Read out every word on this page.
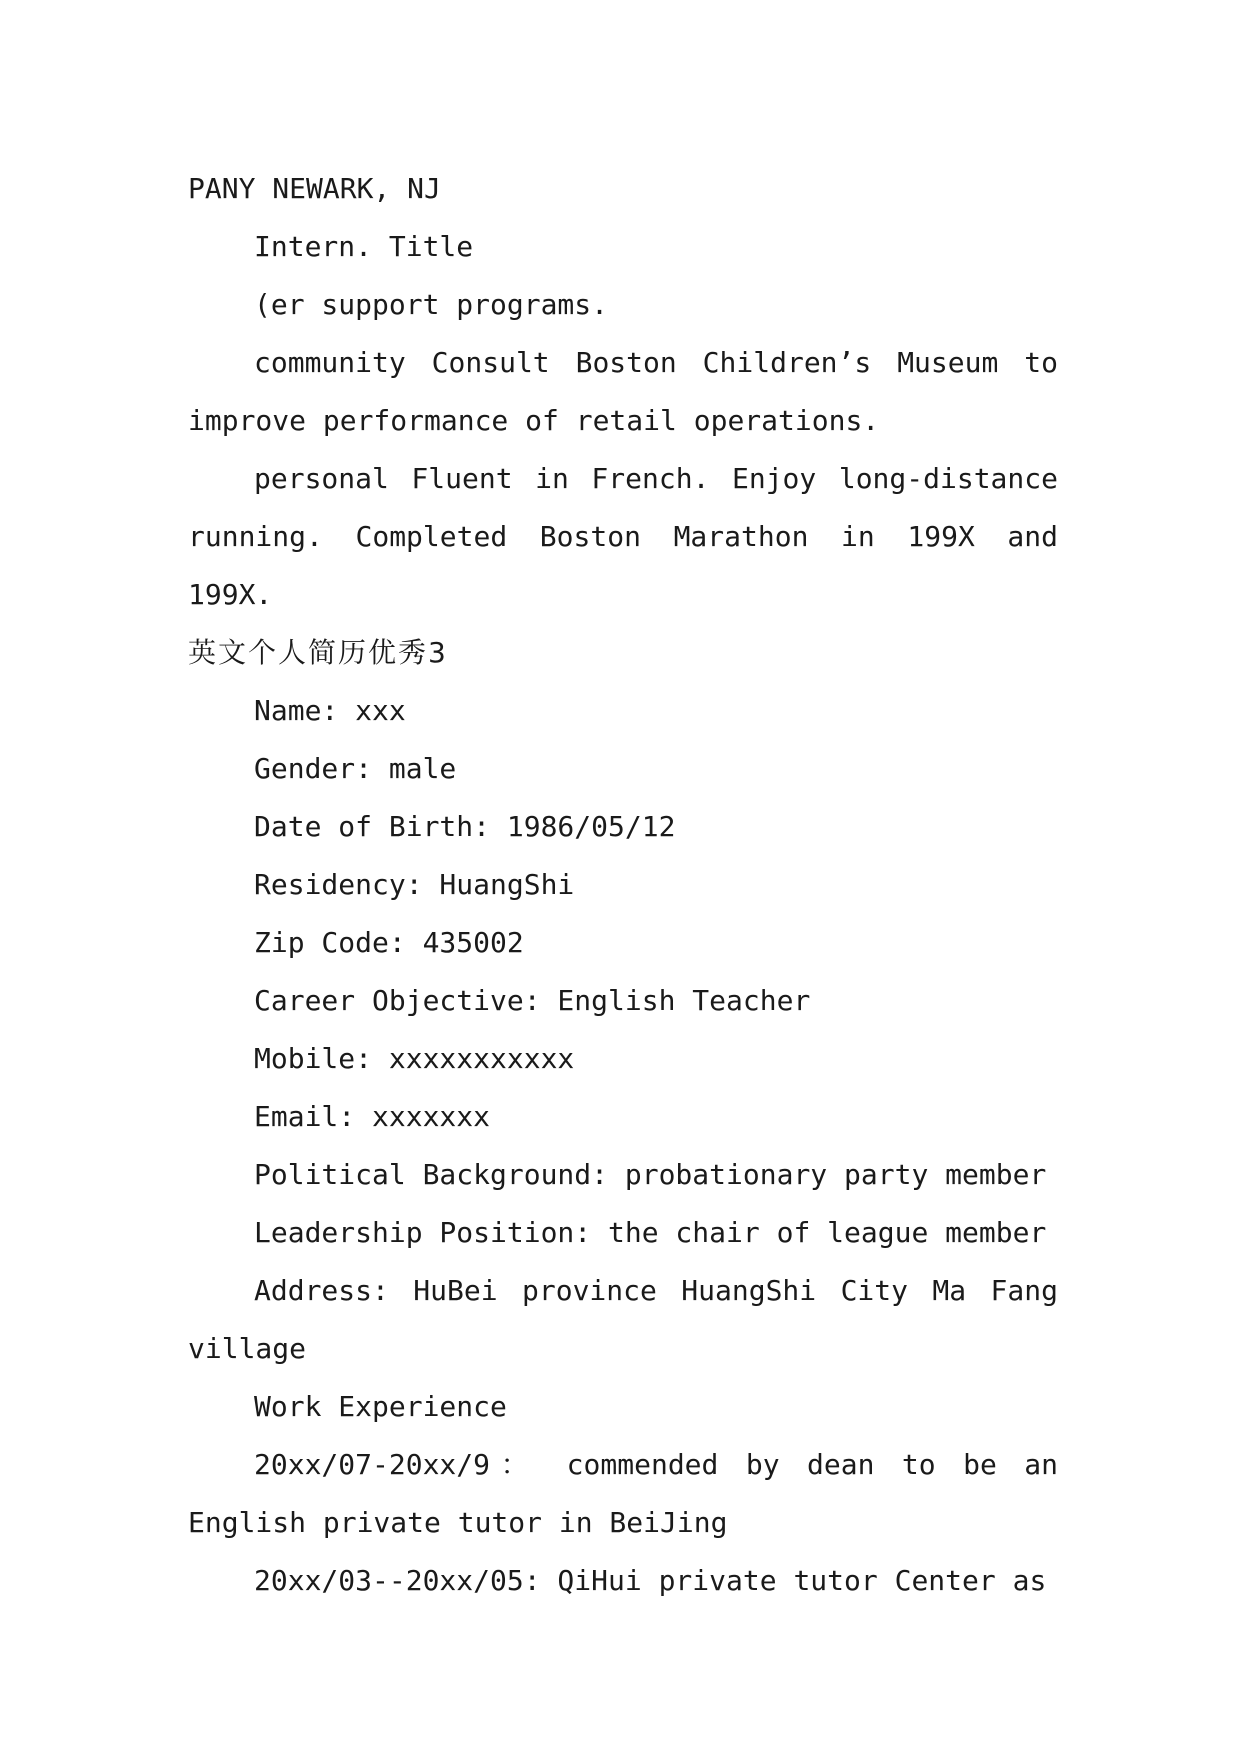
PANY NEWARK, NJ
Intern. Title
(er support programs.
community Consult Boston Children’s Museum to improve performance of retail operations.
personal Fluent in French. Enjoy long-distance running. Completed Boston Marathon in 199X and 199X.
英文个人简历优秀3
Name: xxx
Gender: male
Date of Birth: 1986/05/12
Residency: HuangShi
Zip Code: 435002
Career Objective: English Teacher
Mobile: xxxxxxxxxxx
Email: xxxxxxx
Political Background: probationary party member
Leadership Position: the chair of league member
Address: HuBei province HuangShi City Ma Fang village
Work Experience
20xx/07-20xx/9： commended by dean to be an English private tutor in BeiJing
20xx/03--20xx/05: QiHui private tutor Center as
